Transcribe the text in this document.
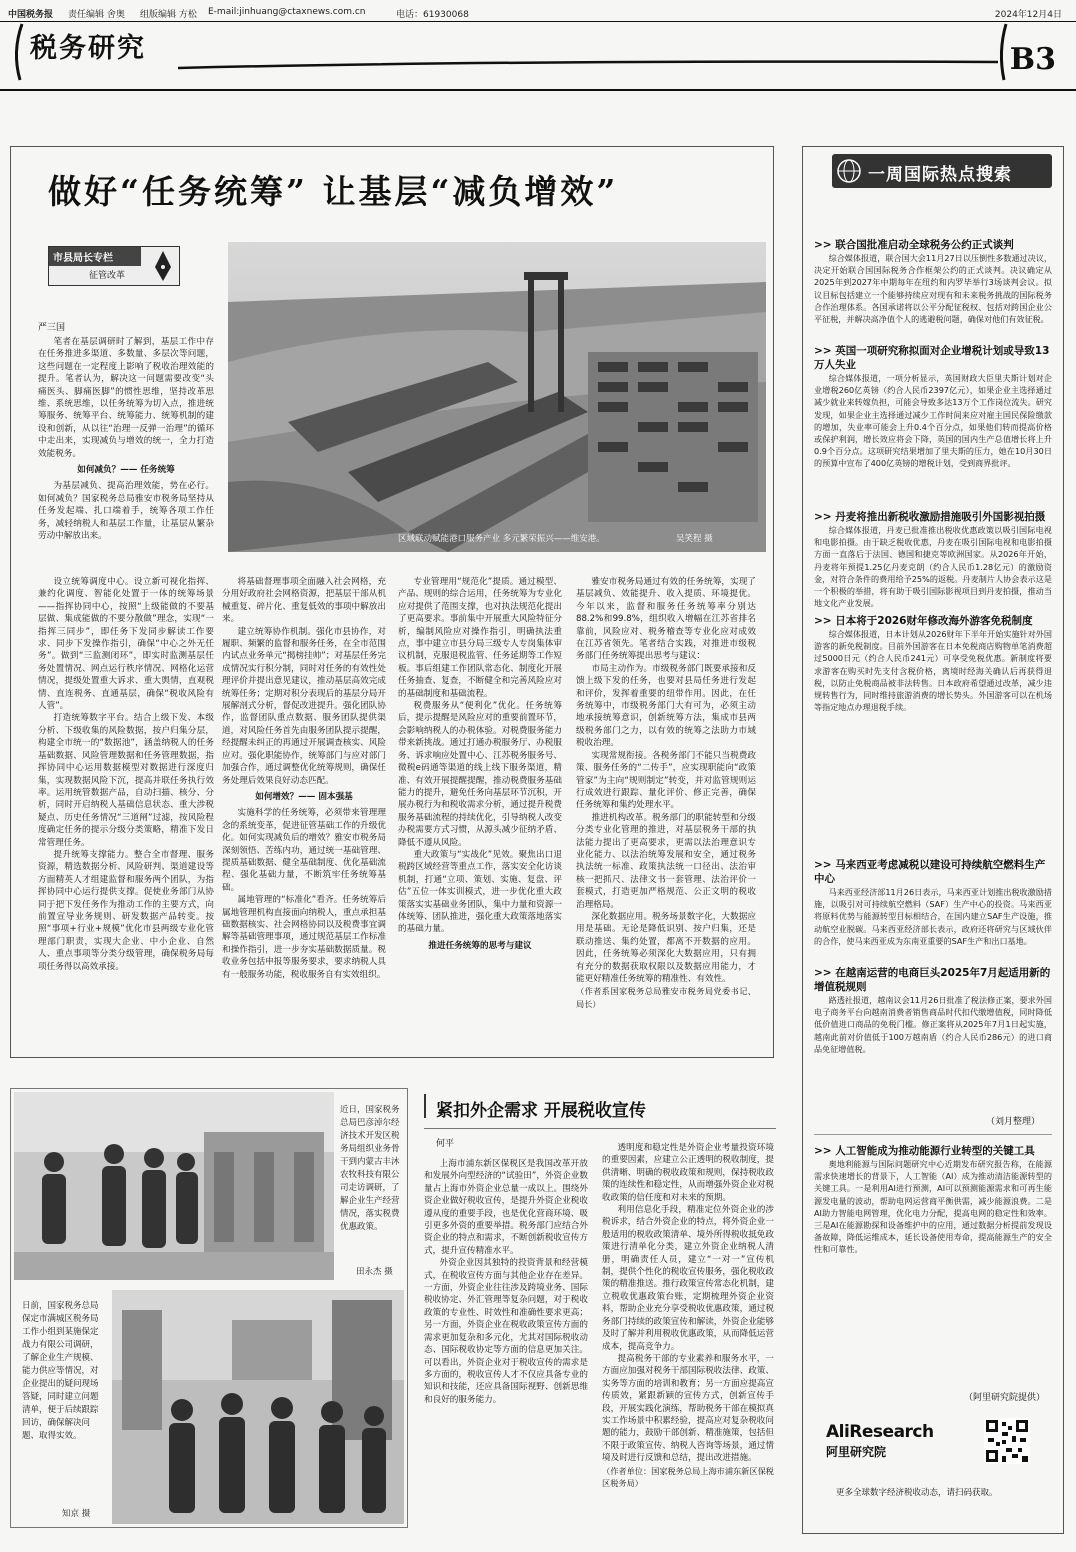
中国税务报 责任编辑 舍奥 组版编辑 方松 E-mail:jinhuang@ctaxnews.com.cn	电话：61930068	2024年12月4日
税务研究	B3
做好“任务统筹” 让基层“减负增效”
市县局长专栏
征管改革
区域联动赋能港口服务产业 多元繁荣振兴——维安港。	吴笑程 摄
严三国

笔者在基层调研时了解到，基层工作中存在任务推进多渠道、多数量、多层次等问题，这些问题在一定程度上影响了税收治理效能的提升。笔者认为，解决这一问题需要改变“头痛医头、脚痛医脚”的惯性思维，坚持改革思维、系统思维，以任务统筹为切入点，推进统筹服务、统筹平台、统筹能力、统筹机制的建设和创新，从以往“治理一反弹一治理”的循环中走出来，实现减负与增效的统一，全力打造效能税务。

如何减负？—— 任务统筹

为基层减负、提高治理效能，势在必行。如何减负？国家税务总局雅安市税务局坚持从任务发起端、扎口端着手，统筹各项工作任务，减轻纳税人和基层工作量，让基层从繁杂劳动中解放出来。

设立统筹调度中心。设立新可视化指挥、兼约化调度、智能化处置于一体的统筹场景——指挥协同中心，按照“上级能做的不要基层做、集成能做的不要分散做”理念，实现“一指挥三同步”，即任务下发同步解读工作要求、同步下发操作指引，确保“中心之外无任务”。做到“三监测闭环”，即实时监测基层任务处置情况、网点运行秩序情况、网格化运营情况，提级处置重大诉求、重大舆情，直观税情、直连税务、直通基层，确保“税收风险有人管”。

打造统筹数字平台。结合上级下发、本级分析、下级收集的风险数据，按户归集分层，构建全市统一的“数据池”，涵盖纳税人的任务基础数据、风险管理数据和任务管理数据，指挥协同中心运用数据模型对数据进行深度归集，实现数据风险下沉，提高并联任务执行效率。运用统管数据产品，自动扫描、核分、分析，同时开启纳税人基础信息状态、重大涉税疑点、历史任务情况“三道闸”过滤，按风险程度确定任务的提示分级分类策略，精准下发日常管理任务。

提升统筹支撑能力。整合全市督理、服务资源，精选数据分析、风险研判、渠道建设等方面精英人才组建监督和服务两个团队，为指挥协同中心运行提供支撑。促使业务部门从协同于把下发任务作为推动工作的主要方式，向前置宣导业务规则、研发数据产品转变。按照“事项+行业+规模”优化市县两级专业化管理部门职责，实现大企业、中小企业、自然人、重点事项等分类分级管理，确保税务局每项任务得以高效承接。

将基础督理事项全面融入社会网格，充分用好政府社会网格资源，把基层干部从机械重复、碎片化、重复低效的事项中解放出来。

建立统筹协作机制。强化市县协作，对履职、频繁的监督和服务任务，在全市范围内试点业务单元“揭榜挂帅”；对基层任务完成情况实行积分制，同时对任务的有效性处理评价并提出意见建议，推动基层高效完成统筹任务；定期对积分表现后的基层分局开展解剖式分析，督促改进提升。强化团队协作，监督团队重点数据、服务团队提供渠道，对风险任务首先由服务团队提示提醒，经提醒未纠正的再通过开展调查核实、风险应对。强化职能协作，统筹部门与应对部门加强合作，通过调整优化统筹规则，确保任务处理后效果良好动态匹配。

如何增效？—— 固本强基

实施科学的任务统筹，必须带来管理理念的系统变革，促进征管基础工作的升级优化。如何实现减负后的增效？雅安市税务局深刻领悟、苦练内功，通过统一基础管理、提质基础数据、健全基础制度、优化基础流程、强化基础力量，不断筑牢任务统筹基础。

属地管理的“标准化”看齐。任务统筹后属地管理机构直接面向纳税人，重点承担基础数据核实、社会网格协同以及税费事宜调解等基础管理事项，通过规范基层工作标准和操作指引，进一步夯实基础数据质量。税收业务包括申报等服务要求，要求纳税人具有一般服务功能，税收服务自有实效组织。

专业管理用“规范化”提质。通过模型、产品、规则的综合运用，任务统筹为专业化应对提供了范围支撑，也对执法规范化提出了更高要求。事前集中开展重大风险特征分析，编制风险应对操作指引，明确执法重点，事中建立市县分局三级专人专岗集体审议机制，克服退税监管、任务延期等工作短板。事后组建工作团队常态化、制度化开展任务抽查、复查，不断健全和完善风险应对的基础制度和基础流程。

税费服务从“便利化”优化。任务统筹后，提示提醒是风险应对的重要前置环节，会影响纳税人的办税体验。对税费服务能力带来新挑战。通过打通办税服务厅、办税服务、诉求响应处置中心、江苏税务服务号、微税e码通等渠道的线上线下服务渠道，精准、有效开展提醒提醒，推动税费服务基础能力的提升，避免任务向基层环节沉积，开展办税行为和税收需求分析，通过提升税费服务基础流程的持续优化，引导纳税人改变办税需要方式习惯，从源头减少征纳矛盾、降低不遵从风险。

重大政策与“实战化”见效。聚焦出口退税跨区域经营等重点工作，落实安全化访谈机制，打通“立项、策划、实施、复盘、评估”五位一体实训模式，进一步优化重大政策落实实基础业务团队，集中力量和资源一体统筹、团队推进，强化重大政策落地落实的基础力量。

推进任务统筹的思考与建议

雅安市税务局通过有效的任务统筹，实现了基层减负、效能提升、收入提质、环境提优。今年以来，监督和服务任务统筹率分别达88.2%和99.8%，组织收入增幅在江苏省排名靠前，风险应对、税务稽查等专业化应对成效在江苏省领先。笔者结合实践，对推进市级税务部门任务统筹提出思考与建议：

市局主动作为。市级税务部门既要承接和反馈上级下发的任务，也要对县局任务进行发起和评价，发挥着重要的纽带作用。因此，在任务统筹中，市级税务部门大有可为，必须主动地承接统筹意识，创新统筹方法，集成市县两级税务部门之力，以有效的统筹之法助力市域税收治理。

实现常规衔接。各税务部门不能只当税费政策、服务任务的“二传手”，应实现职能向“政策管家”为主向“规则制定”转变，并对监管规则运行成效进行跟踪、量化评价、修正完善，确保任务统筹和集约处理水平。

推进机构改革。税务部门的职能转型和分级分类专业化管理的推进，对基层税务干部的执法能力提出了更高要求，更需以法治理意识专业化能力、以法治统筹发展和安全，通过税务执法统一标准、政策执法统一口径出、法治审核一把抓尺、法律文书一套管理、法治评价一套模式，打造更加严格规范、公正文明的税收治理格局。

深化数据应用。税务场景数字化，大数据应用是基础。无论是降低识别、按户归集，还是联动推送、集约处置，都离不开数据的应用。因此，任务统筹必须深化大数据应用，只有拥有充分的数据获取权限以及数据应用能力，才能更好精准任务统筹的精准性、有效性。

（作者系国家税务总局雅安市税务局党委书记、局长）

近日，国家税务总局巴彦淖尔经济技术开发区税务局组织业务骨干到内蒙古丰沐农牧科技有限公司走访调研，了解企业生产经营情况，落实税费优惠政策。
田永杰 摄
日前，国家税务总局保定市满城区税务局工作小组到某施保定战力有限公司调研，了解企业生产规模、能力供应等情况，对企业提出的疑问现场答疑，同时建立问题清单，便于后续跟踪回访，确保解决问题、取得实效。
知京 摄
紧扣外企需求 开展税收宣传
何平

上海市浦东新区保税区是我国改革开放和发展外向型经济的“试验田”，外资企业数量占上海市外资企业总量一成以上。围绕外资企业做好税收宣传，是提升外资企业税收遵从度的重要手段，也是优化营商环境、吸引更多外资的重要举措。税务部门应结合外资企业的特点和需求，不断创新税收宣传方式，提升宣传精准水平。

外资企业因其独特的投资背景和经营模式，在税收宣传方面与其他企业存在差异。一方面，外资企业往往涉及跨境业务、国际税收协定、外汇管理等复杂问题，对于税收政策的专业性、时效性和准确性要求更高；另一方面，外资企业在税收政策宣传方面的需求更加复杂和多元化，尤其对国际税收动态、国际税收协定等方面的信息更加关注。可以看出，外资企业对于税收宣传的需求是多方面的，税收宣传人才不仅应具备专业的知识和技能，还应具备国际视野、创新思维和良好的服务能力。

透明度和稳定性是外资企业考量投资环境的重要因素，应建立公正透明的税收制度，提供清晰、明确的税收政策和规则，保持税收政策的连续性和稳定性，从而增强外资企业对税收政策的信任度和对未来的预期。

利用信息化手段，精准定位外资企业的涉税诉求，结合外资企业的特点，将外资企业一般适用的税收政策清单、境外所得税收抵免政策进行清单化分类，建立外资企业纳税人清册，明确责任人员，建立“一对一”宣传机制，提供个性化的税收宣传服务，强化税收政策的精准推送。推行政策宣传常态化机制，建立税收优惠政策台账，定期梳理外资企业资料，帮助企业充分享受税收优惠政策，通过税务部门持续的政策宣传和解读，外资企业能够及时了解并利用税收优惠政策，从而降低运营成本，提高竞争力。

提高税务干部的专业素养和服务水平，一方面应加强对税务干部国际税收法律、政策、实务等方面的培训和教育；另一方面应提高宣传质效，紧跟新颖的宣传方式，创新宣传手段，开展实践化演练，帮助税务干部在模拟真实工作场景中积累经验，提高应对复杂税收问题的能力，鼓励干部创新、精准施策，包括但不限于政策宣传、纳税人咨询等场景，通过情境及时进行反馈和总结，提出改进措施。

（作者单位：国家税务总局上海市浦东新区保税区税务局）

一周国际热点搜索
>> 联合国批准启动全球税务公约正式谈判
综合媒体报道，联合国大会11月27日以压倒性多数通过决议，决定开始联合国国际税务合作框架公约的正式谈判。决议确定从2025年到2027年中期每年在纽约和内罗毕举行3场谈判会议。拟议目标包括建立一个能够持续应对现有和未来税务挑战的国际税务合作治理体系。各国承诺将以公平分配征税权、包括对跨国企业公平征税，并解决高净值个人的逃避税问题，确保对他们有效征税。
>> 英国一项研究称拟面对企业增税计划或导致13万人失业
综合媒体报道，一项分析显示，英国财政大臣里夫斯计划对企业增税260亿英镑（约合人民币2397亿元），如果企业主选择通过减少就业来转嫁负担，可能会导致多达13万个工作岗位流失。研究发现，如果企业主选择通过减少工作时间来应对雇主国民保险缴款的增加，失业率可能会上升0.4个百分点，如果他们转而提高价格或保护利润，增长效应将会下降，英国的国内生产总值增长将上升0.9个百分点。这项研究结果增加了里夫斯的压力，她在10月30日的预算中宣布了400亿英镑的增税计划，受到商界批评。
>> 丹麦将推出新税收激励措施吸引外国影视拍摄
综合媒体报道，丹麦已批准推出税收优惠政策以吸引国际电视和电影拍摄。由于缺乏税收优惠，丹麦在吸引国际电视和电影拍摄方面一直落后于法国、德国和捷克等欧洲国家。从2026年开始，丹麦将年预提1.25亿丹麦克朗（约合人民币1.28亿元）的激励资金，对符合条件的费用给予25%的返税。丹麦制片人协会表示这是一个积极的举措，将有助于吸引国际影视项目到丹麦拍摄，推动当地文化产业发展。
>> 日本将于2026财年修改海外游客免税制度
综合媒体报道，日本计划从2026财年下半年开始实施针对外国游客的新免税制度。目前外国游客在日本免税商店购物单笔消费超过5000日元（约合人民币241元）可享受免税优惠。新制度将要求游客在购买时先支付含税价格，离境时经海关确认后再获得退税，以防止免税商品被非法转售。日本政府希望通过改革，减少违规转售行为，同时维持旅游消费的增长势头。外国游客可以在机场等指定地点办理退税手续。
>> 马来西亚考虑减税以建设可持续航空燃料生产中心
马来西亚经济部11月26日表示，马来西亚计划推出税收激励措施，以吸引对可持续航空燃料（SAF）生产中心的投资。马来西亚将原料优势与能源转型目标相结合，在国内建立SAF生产设施，推动航空业脱碳。马来西亚经济部长表示，政府还将研究与区域伙伴的合作，使马来西亚成为东南亚重要的SAF生产和出口基地。
>> 在越南运营的电商巨头2025年7月起适用新的增值税规则
路透社报道，越南议会11月26日批准了税法修正案，要求外国电子商务平台向越南消费者销售商品时代扣代缴增值税，同时降低低价值进口商品的免税门槛。修正案将从2025年7月1日起实施，越南此前对价值低于100万越南盾（约合人民币286元）的进口商品免征增值税。
（刘月整理）
>> 人工智能成为推动能源行业转型的关键工具
奥地利能源与国际问题研究中心近期发布研究报告称，在能源需求快速增长的背景下，人工智能（AI）成为推动清洁能源转型的关键工具。一是利用AI进行预测，AI可以预测能源需求和可再生能源发电量的波动，帮助电网运营商平衡供需，减少能源浪费。二是AI助力智能电网管理，优化电力分配，提高电网的稳定性和效率。三是AI在能源勘探和设备维护中的应用，通过数据分析提前发现设备故障，降低运维成本，延长设备使用寿命，提高能源生产的安全性和可靠性。
（阿里研究院提供）
AliResearch
阿里研究院
更多全球数字经济税收动态，请扫码获取。
